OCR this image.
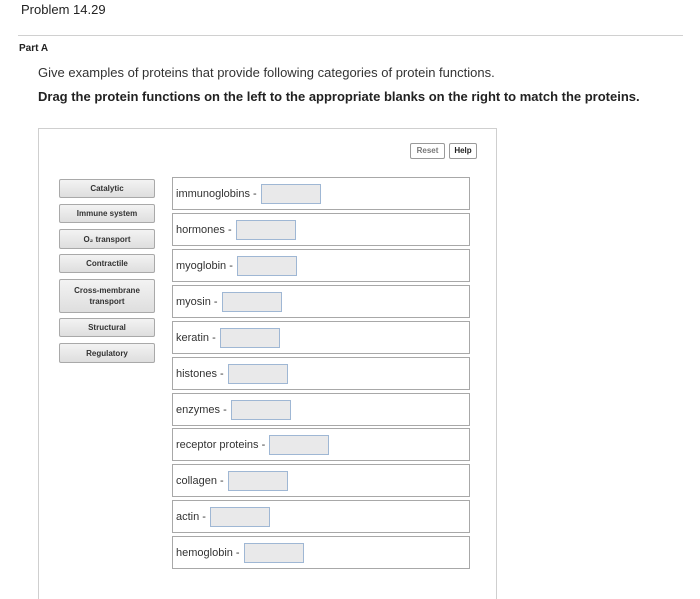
Problem 14.29
Part A
Give examples of proteins that provide following categories of protein functions.
Drag the protein functions on the left to the appropriate blanks on the right to match the proteins.
Reset	Help
Catalytic
Immune system
O₂ transport
Contractile
Cross-membrane transport
Structural
Regulatory
immunoglobins -
hormones -
myoglobin -
myosin -
keratin -
histones -
enzymes -
receptor proteins -
collagen -
actin -
hemoglobin -
